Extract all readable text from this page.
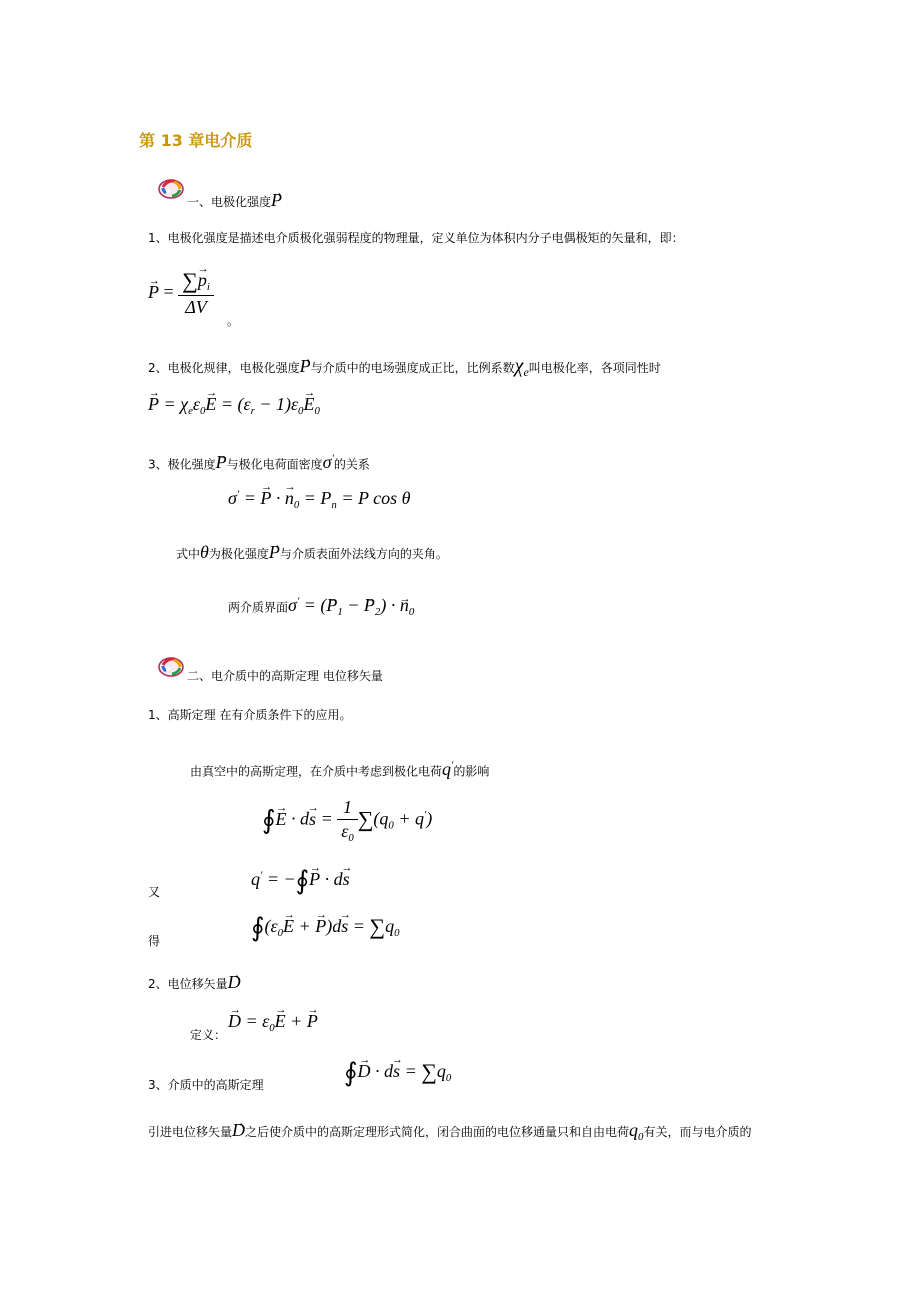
第 13 章电介质
一、电极化强度→ P
1、电极化强度是描述电介质极化强弱程度的物理量，定义单位为体积内分子电偶极矩的矢量和，即：
→ $P = \frac{\sum\to p_i}{\Delta V}$
。
2、电极化规律，电极化强度→ P与介质中的电场强度成正比，比例系数$\chi_e$叫电极化率，各项同性时
→ $P = \chi_e\varepsilon_0\to E = (\varepsilon_r - 1)\varepsilon_0\to E_0$
3、极化强度→ P与极化电荷面密度σ'的关系
σ' = → P · → $n_0 = P_n = P$ cos θ
式中θ为极化强度→ P与介质表面外法线方向的夹角。
两介质界面σ' = (→ $P_1$ − → $P_2$) · → $n_0$
二、电介质中的高斯定理 电位移矢量
1、高斯定理 在有介质条件下的应用。
由真空中的高斯定理，在介质中考虑到极化电荷q'的影响
∮→ $E \cdot d\to s = \frac{1}{\varepsilon_0} \sum(q_0 + q')$
又
q' = −∮→ P · d→ s
得	$∮(\varepsilon_0\to E$ + → $P)d\to s = \sum q_0$
2、电位移矢量→ D
定义：
→ $D = \varepsilon_0\to E$ + → P
3、介质中的高斯定理	∮→ $D \cdot d\to s = \sum q_0$
引进电位移矢量→ D之后使介质中的高斯定理形式简化，闭合曲面的电位移通量只和自由电荷$q_0$有关，而与电介质的
